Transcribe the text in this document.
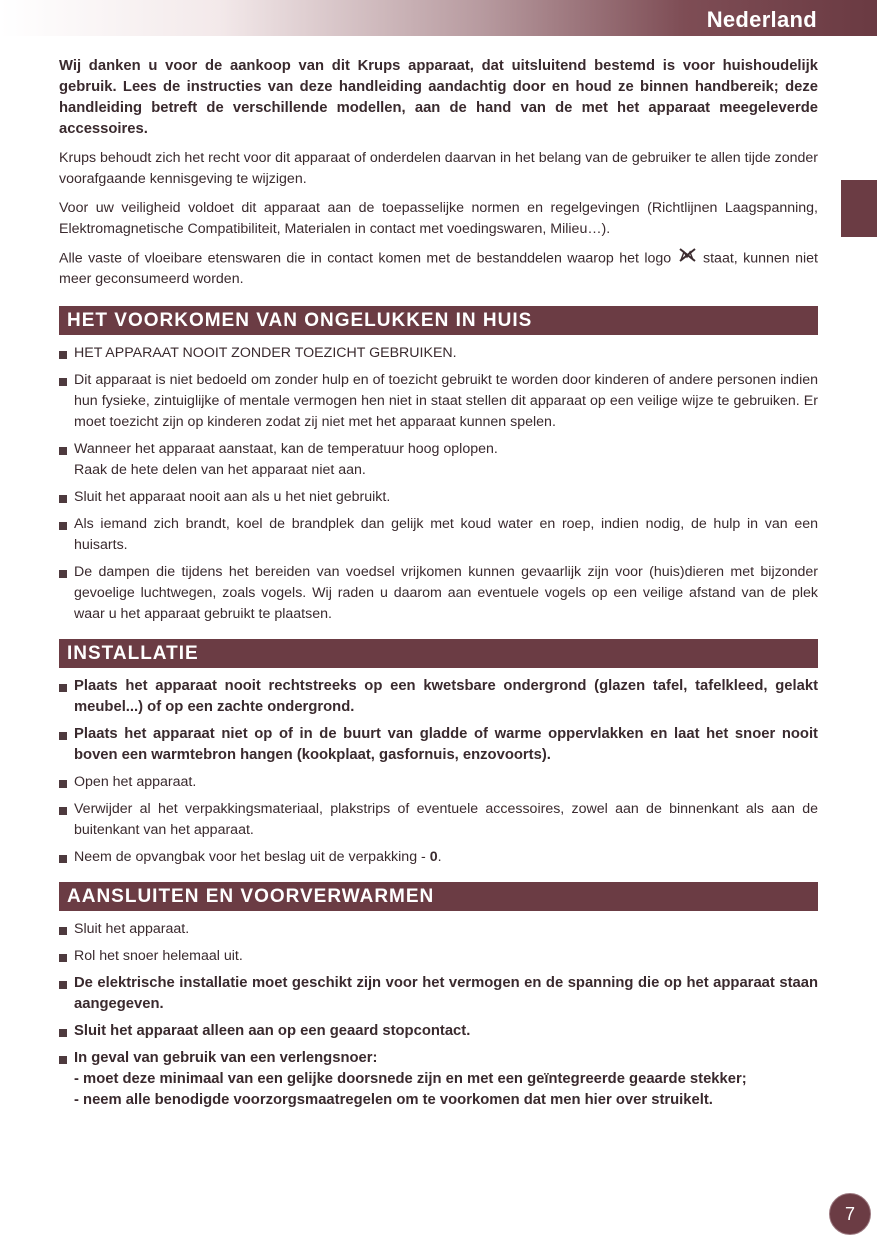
Nederland

Wij danken u voor de aankoop van dit Krups apparaat, dat uitsluitend bestemd is voor huishoudelijk gebruik. Lees de instructies van deze handleiding aandachtig door en houd ze binnen handbereik; deze handleiding betreft de verschillende modellen, aan de hand van de met het apparaat meegeleverde accessoires.

Krups behoudt zich het recht voor dit apparaat of onderdelen daarvan in het belang van de gebruiker te allen tijde zonder voorafgaande kennisgeving te wijzigen.

Voor uw veiligheid voldoet dit apparaat aan de toepasselijke normen en regelgevingen (Richtlijnen Laagspanning, Elektromagnetische Compatibiliteit, Materialen in contact met voedingswaren, Milieu…).

Alle vaste of vloeibare etenswaren die in contact komen met de bestanddelen waarop het logo staat, kunnen niet meer geconsumeerd worden.

HET VOORKOMEN VAN ONGELUKKEN IN HUIS
HET APPARAAT NOOIT ZONDER TOEZICHT GEBRUIKEN.
Dit apparaat is niet bedoeld om zonder hulp en of toezicht gebruikt te worden door kinderen of andere personen indien hun fysieke, zintuiglijke of mentale vermogen hen niet in staat stellen dit apparaat op een veilige wijze te gebruiken. Er moet toezicht zijn op kinderen zodat zij niet met het apparaat kunnen spelen.
Wanneer het apparaat aanstaat, kan de temperatuur hoog oplopen.
Raak de hete delen van het apparaat niet aan.
Sluit het apparaat nooit aan als u het niet gebruikt.
Als iemand zich brandt, koel de brandplek dan gelijk met koud water en roep, indien nodig, de hulp in van een huisarts.
De dampen die tijdens het bereiden van voedsel vrijkomen kunnen gevaarlijk zijn voor (huis)dieren met bijzonder gevoelige luchtwegen, zoals vogels. Wij raden u daarom aan eventuele vogels op een veilige afstand van de plek waar u het apparaat gebruikt te plaatsen.
INSTALLATIE
Plaats het apparaat nooit rechtstreeks op een kwetsbare ondergrond (glazen tafel, tafelkleed, gelakt meubel...) of op een zachte ondergrond.
Plaats het apparaat niet op of in de buurt van gladde of warme oppervlakken en laat het snoer nooit boven een warmtebron hangen (kookplaat, gasfornuis, enzovoorts).
Open het apparaat.
Verwijder al het verpakkingsmateriaal, plakstrips of eventuele accessoires, zowel aan de binnenkant als aan de buitenkant van het apparaat.
Neem de opvangbak voor het beslag uit de verpakking - 0.
AANSLUITEN EN VOORVERWARMEN
Sluit het apparaat.
Rol het snoer helemaal uit.
De elektrische installatie moet geschikt zijn voor het vermogen en de spanning die op het apparaat staan aangegeven.
Sluit het apparaat alleen aan op een geaard stopcontact.
In geval van gebruik van een verlengsnoer:
- moet deze minimaal van een gelijke doorsnede zijn en met een geïntegreerde geaarde stekker;
- neem alle benodigde voorzorgsmaatregelen om te voorkomen dat men hier over struikelt.
7
